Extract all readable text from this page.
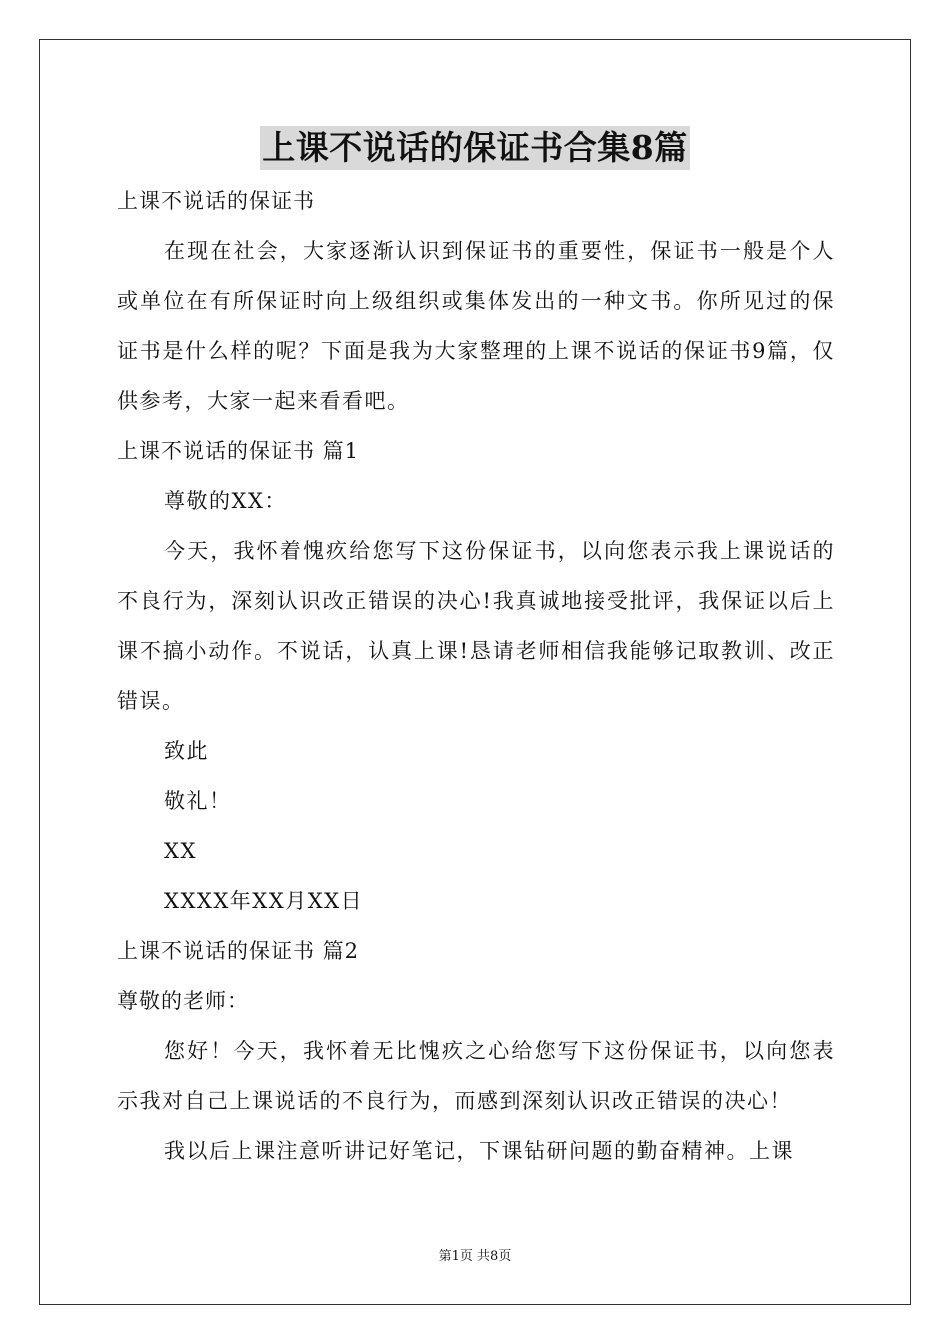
上课不说话的保证书合集8篇

上课不说话的保证书

在现在社会，大家逐渐认识到保证书的重要性，保证书一般是个人或单位在有所保证时向上级组织或集体发出的一种文书。你所见过的保证书是什么样的呢？下面是我为大家整理的上课不说话的保证书9篇，仅供参考，大家一起来看看吧。

上课不说话的保证书 篇1

尊敬的XX：

今天，我怀着愧疚给您写下这份保证书，以向您表示我上课说话的不良行为，深刻认识改正错误的决心!我真诚地接受批评，我保证以后上课不搞小动作。不说话，认真上课!恳请老师相信我能够记取教训、改正错误。

致此

敬礼！

XX

XXXX年XX月XX日

上课不说话的保证书 篇2

尊敬的老师：

您好！今天，我怀着无比愧疚之心给您写下这份保证书，以向您表示我对自己上课说话的不良行为，而感到深刻认识改正错误的决心！

我以后上课注意听讲记好笔记，下课钻研问题的勤奋精神。上课

第1页 共8页
